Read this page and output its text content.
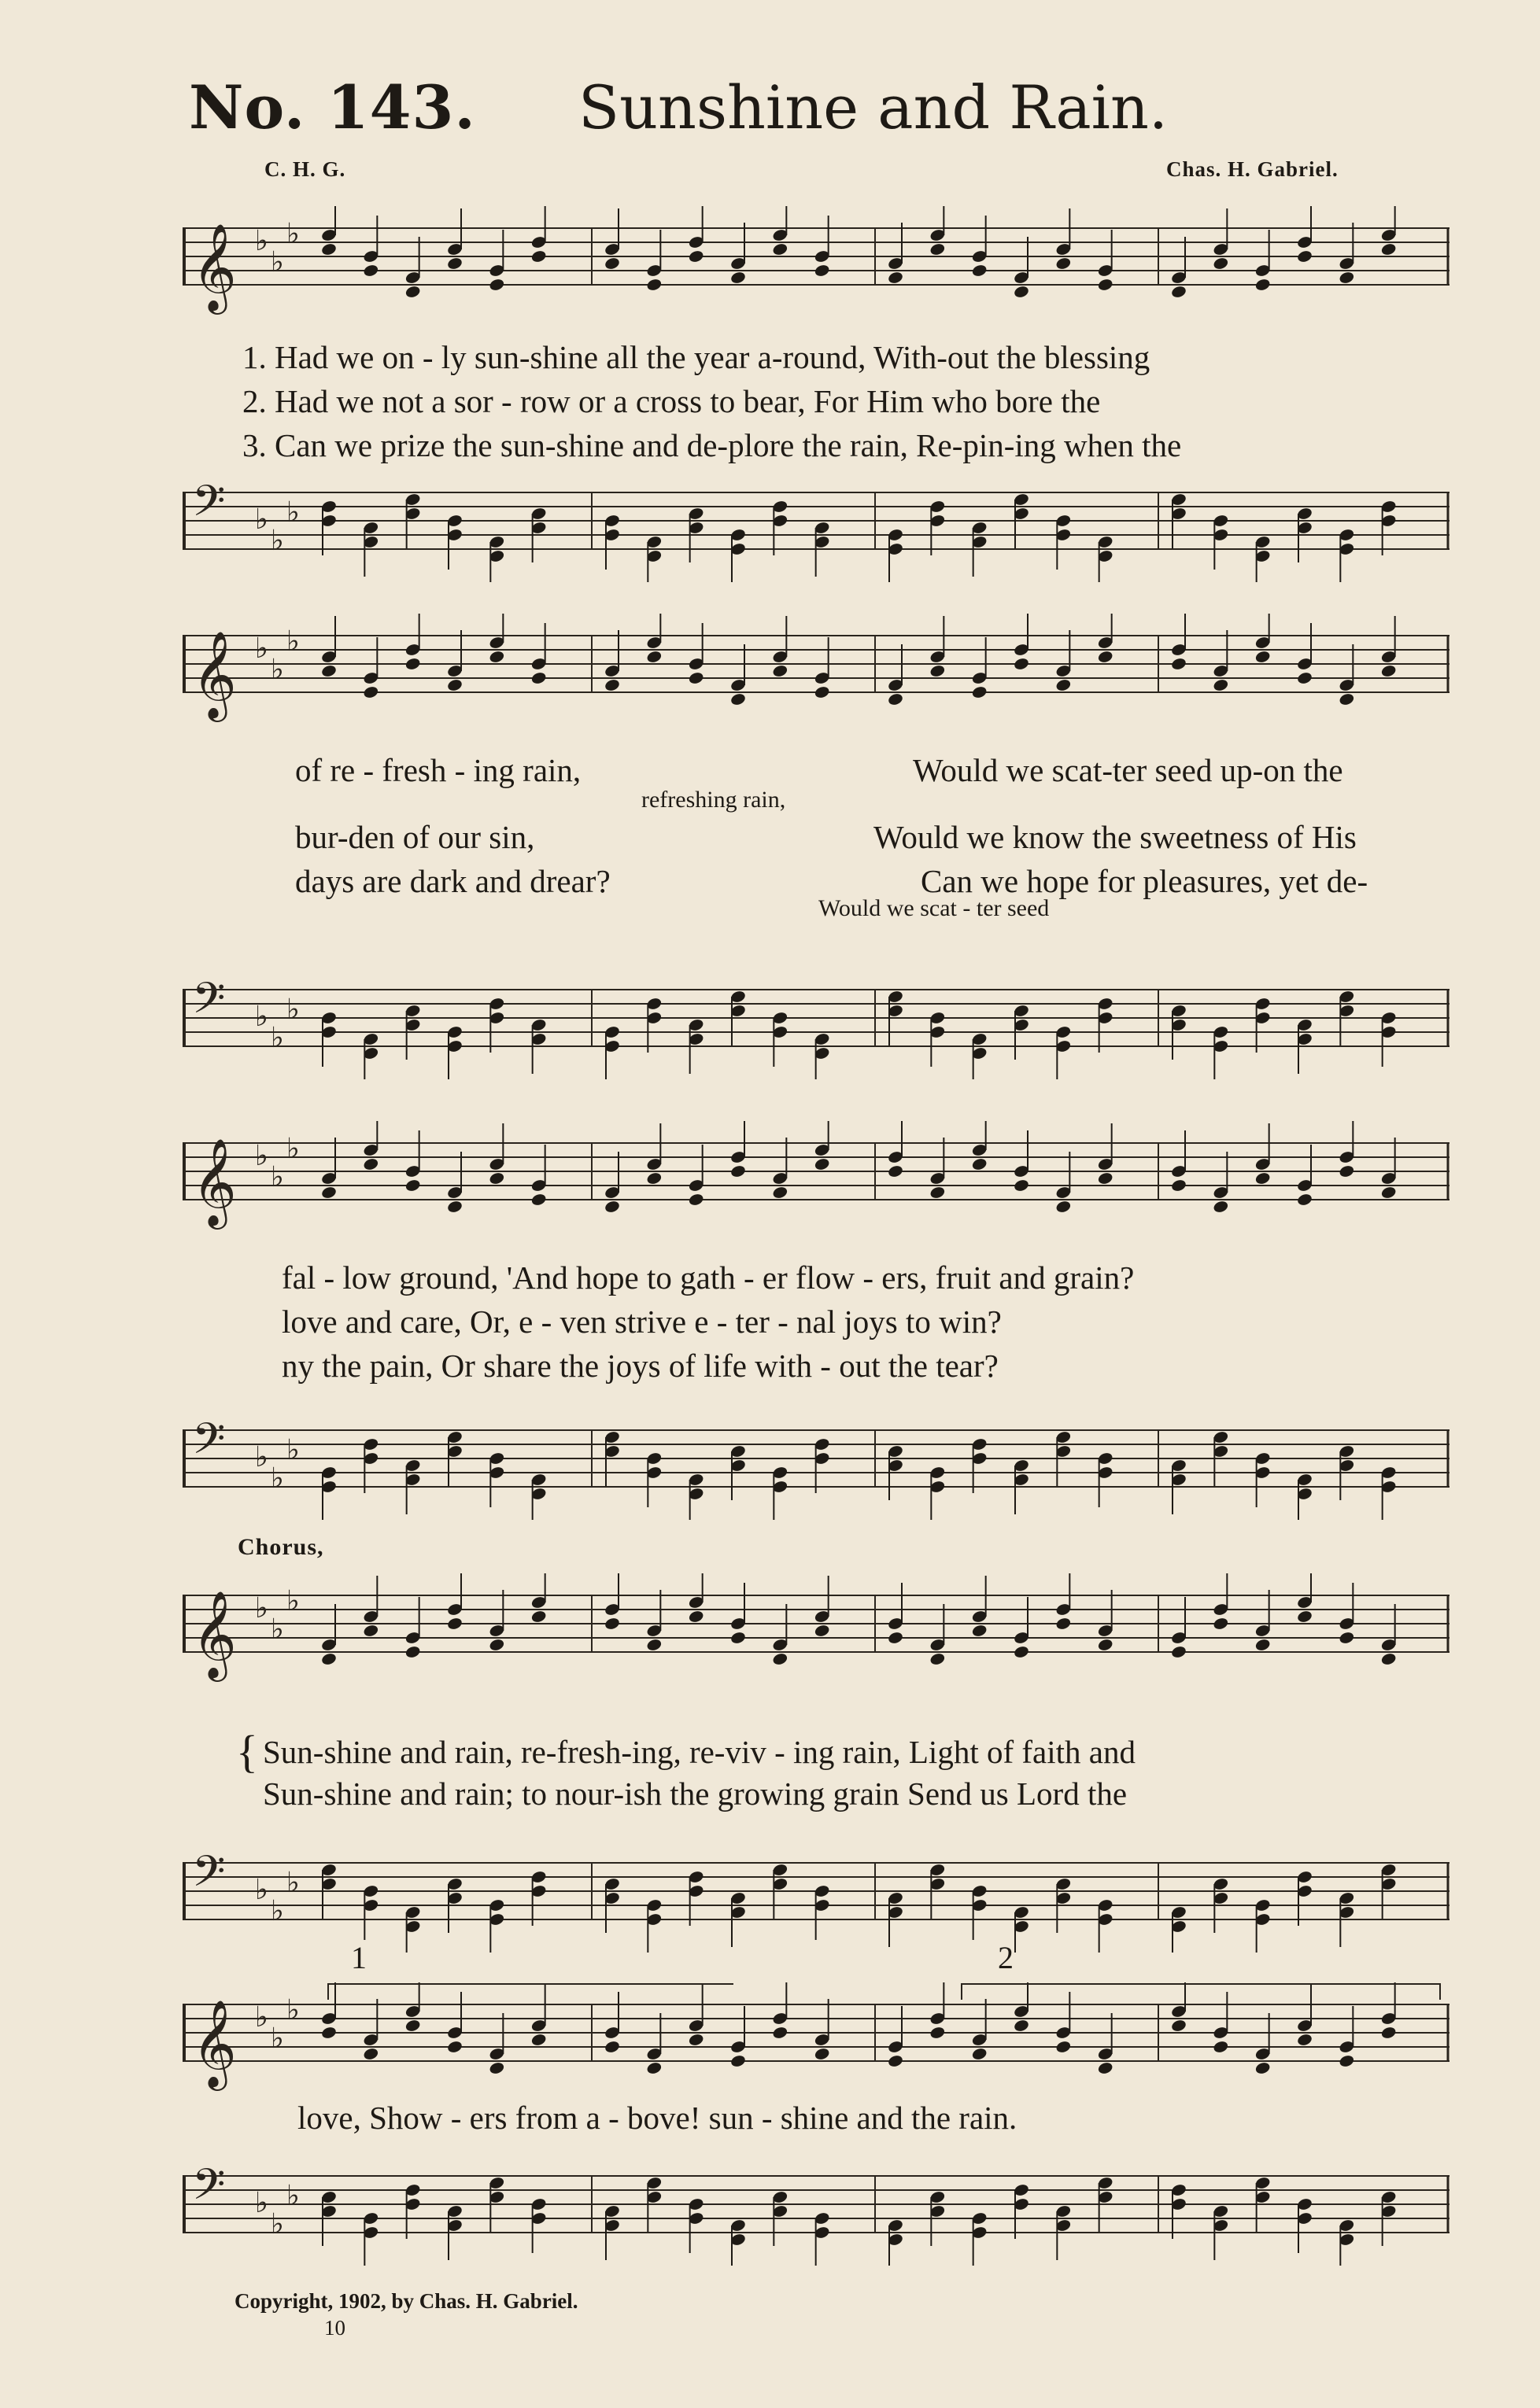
No. 143. Sunshine and Rain.
C. H. G.	Chas. H. Gabriel.
𝄞 ♭
♭
♭
1. Had we on - ly sun-shine all the year a-round, With-out the blessing
2. Had we not a sor - row or a cross to bear, For Him who bore the
3. Can we prize the sun-shine and de-plore the rain, Re-pin-ing when the
𝄢 ♭
♭
♭
𝄞 ♭
♭
♭
of re - fresh - ing rain,
refreshing rain,
Would we scat-ter seed up-on the
bur-den of our sin,	Would we know the sweetness of His
days are dark and drear?	Can we hope for pleasures, yet de-
Would we scat - ter seed
𝄢 ♭
♭
♭
𝄞 ♭
♭
♭
fal - low ground, 'And hope to gath - er flow - ers, fruit and grain?
love and care, Or, e - ven strive e - ter - nal joys to win?
ny the pain, Or share the joys of life with - out the tear?
𝄢 ♭
♭
♭
Chorus,
𝄞 ♭
♭
♭
{ Sun-shine and rain, re-fresh-ing, re-viv - ing rain, Light of faith and
Sun-shine and rain; to nour-ish the growing grain Send us Lord the
𝄢 ♭
♭
♭
1	2
𝄞 ♭
♭
♭
love, Show - ers from a - bove! sun - shine and the rain.
𝄢 ♭
♭
♭
Copyright, 1902, by Chas. H. Gabriel.
10
